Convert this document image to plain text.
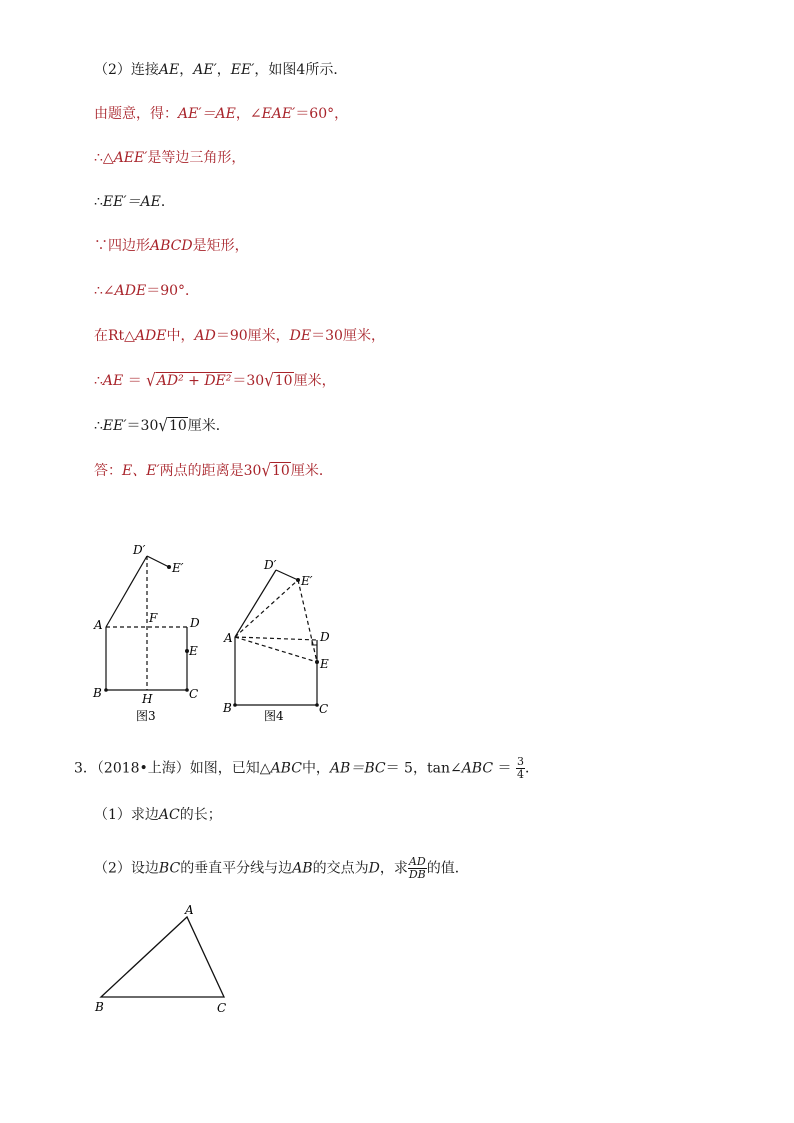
（2）连接AE，AE′，EE′，如图4所示．
由题意，得：AE′＝AE，∠EAE′＝60°，
∴△AEE′是等边三角形，
∴EE′＝AE．
∵四边形ABCD是矩形，
∴∠ADE＝90°．
在Rt△ADE中，AD＝90厘米，DE＝30厘米，
∴AE ＝ √AD² + DE²＝30√10厘米，
∴EE′＝30√10厘米．
答：E、E′两点的距离是30√10厘米．
D′
E′
A	F	D
E
B	H	C
图3
D′
E′
A	D
E
B	C
图4
A
B	C
3．（2018•上海）如图，已知△ABC中，AB＝BC＝ 5，tan∠ABC ＝ $\frac{3}{4}$ ．
（1）求边AC的长；
（2）设边BC的垂直平分线与边AB的交点为D，求 $\frac{AD}{DB}$ 的值．
